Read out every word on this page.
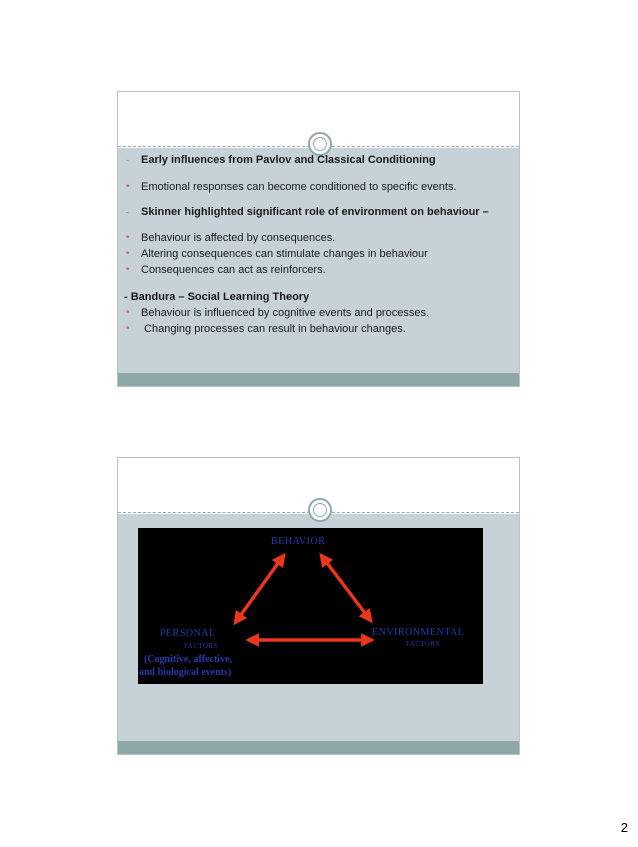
- Early influences from Pavlov and Classical Conditioning
• Emotional responses can become conditioned to specific events.
- Skinner highlighted significant role of environment on behaviour –
• Behaviour is affected by consequences.
• Altering consequences can stimulate changes in behaviour
• Consequences can act as reinforcers.
- Bandura – Social Learning Theory
• Behaviour is influenced by cognitive events and processes.
• Changing processes can result in behaviour changes.
BEHAVIOR
PERSONAL
FACTORS
(Cognitive, affective,
and biological events)
ENVIRONMENTAL
FACTORS
2
